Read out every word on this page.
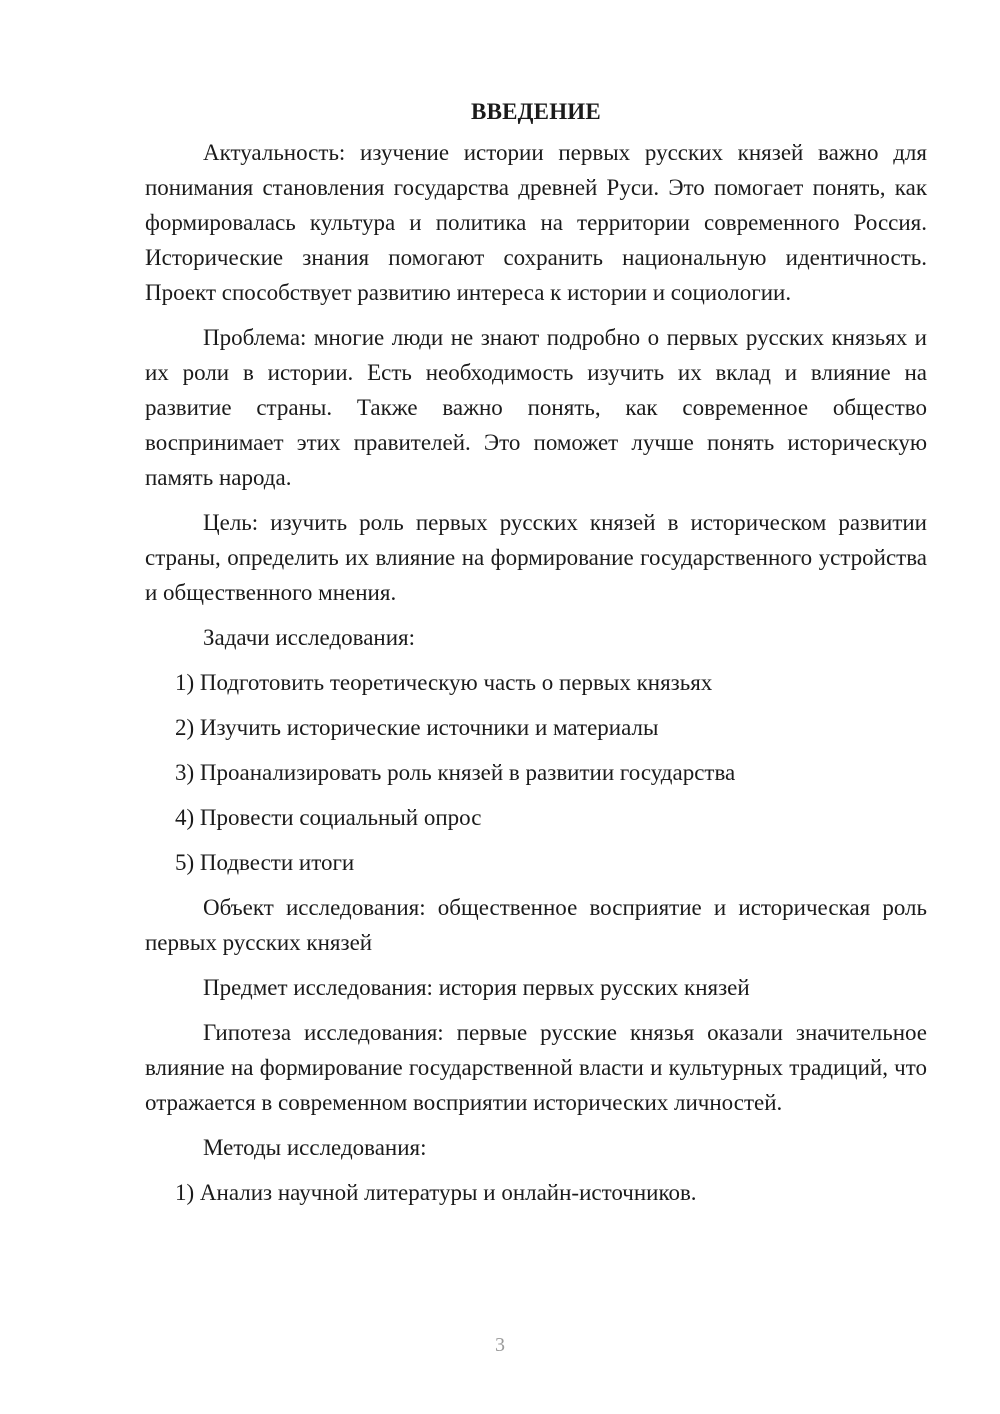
ВВЕДЕНИЕ

Актуальность: изучение истории первых русских князей важно для понимания становления государства древней Руси. Это помогает понять, как формировалась культура и политика на территории современного Россия. Исторические знания помогают сохранить национальную идентичность. Проект способствует развитию интереса к истории и социологии.

Проблема: многие люди не знают подробно о первых русских князьях и их роли в истории. Есть необходимость изучить их вклад и влияние на развитие страны. Также важно понять, как современное общество воспринимает этих правителей. Это поможет лучше понять историческую память народа.

Цель: изучить роль первых русских князей в историческом развитии страны, определить их влияние на формирование государственного устройства и общественного мнения.

Задачи исследования:

1) Подготовить теоретическую часть о первых князьях
2) Изучить исторические источники и материалы
3) Проанализировать роль князей в развитии государства
4) Провести социальный опрос
5) Подвести итоги

Объект исследования: общественное восприятие и историческая роль первых русских князей

Предмет исследования: история первых русских князей

Гипотеза исследования: первые русские князья оказали значительное влияние на формирование государственной власти и культурных традиций, что отражается в современном восприятии исторических личностей.

Методы исследования:

1) Анализ научной литературы и онлайн-источников.
3
